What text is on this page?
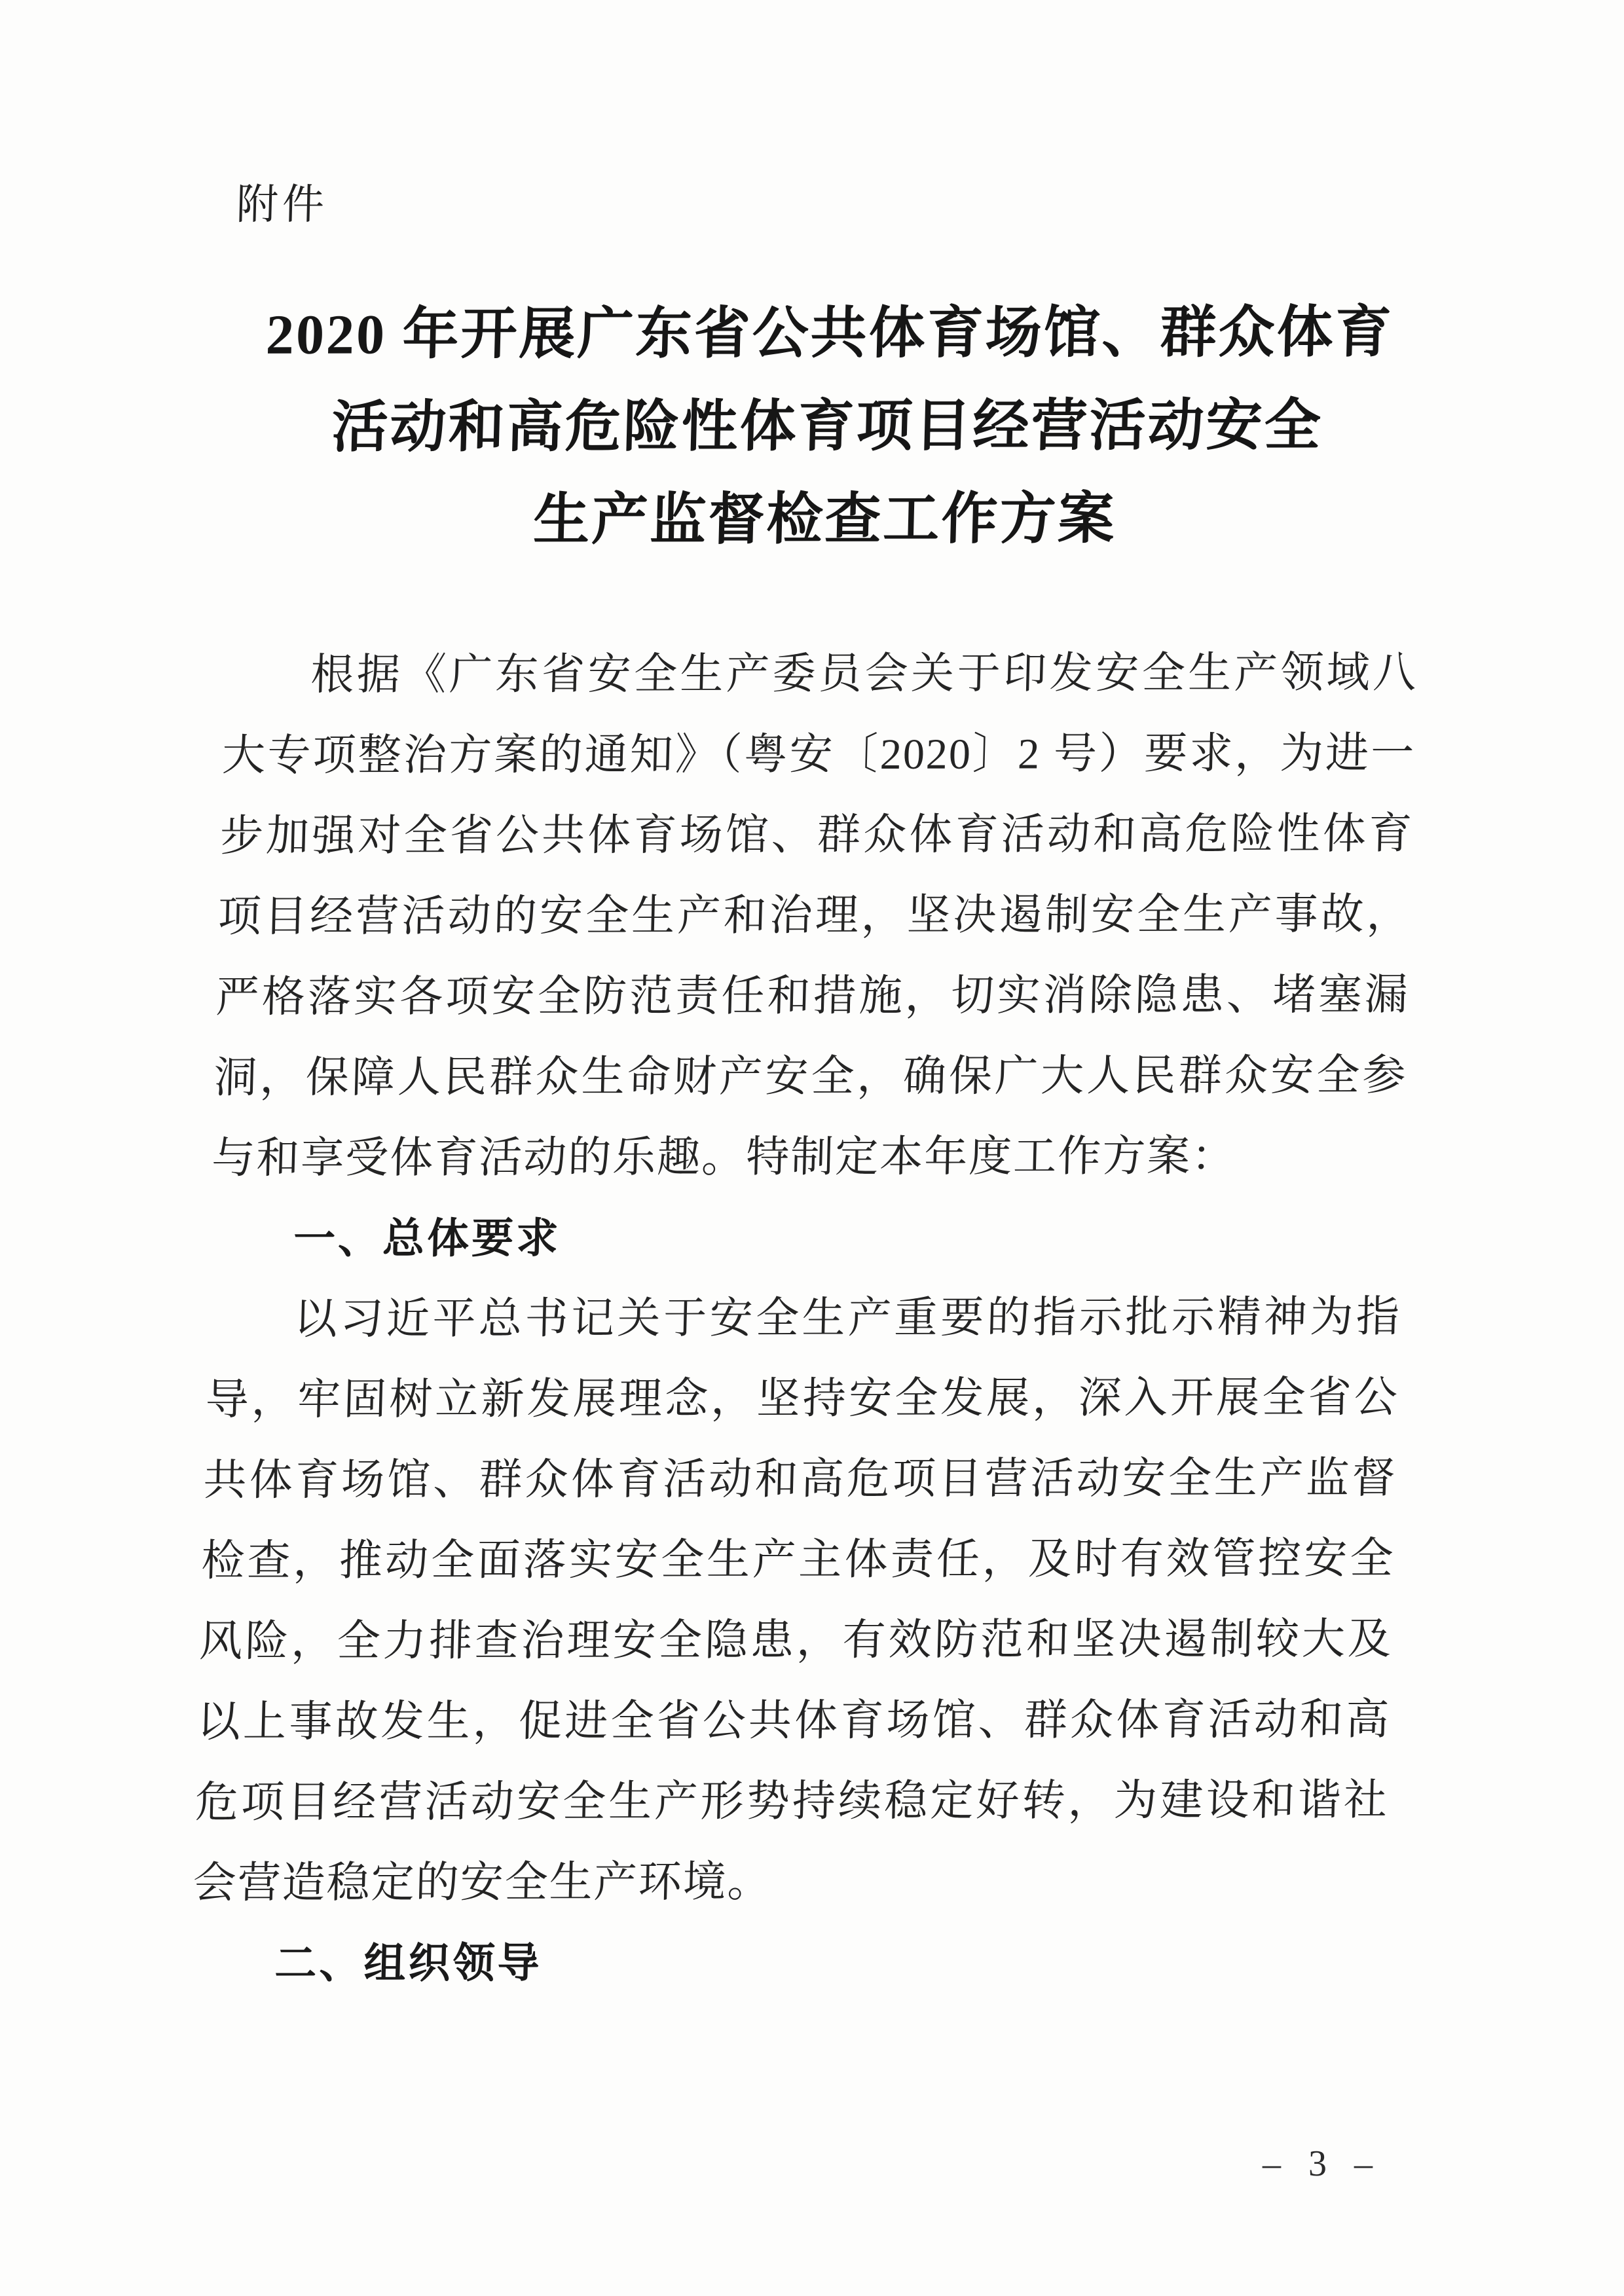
附件
2020 年开展广东省公共体育场馆、群众体育
活动和高危险性体育项目经营活动安全
生产监督检查工作方案

根据《广东省安全生产委员会关于印发安全生产领域八大专项整治方案的通知》（粤安〔2020〕2 号）要求，为进一步加强对全省公共体育场馆、群众体育活动和高危险性体育项目经营活动的安全生产和治理，坚决遏制安全生产事故，严格落实各项安全防范责任和措施，切实消除隐患、堵塞漏洞，保障人民群众生命财产安全，确保广大人民群众安全参与和享受体育活动的乐趣。特制定本年度工作方案：

一、总体要求

以习近平总书记关于安全生产重要的指示批示精神为指导，牢固树立新发展理念，坚持安全发展，深入开展全省公共体育场馆、群众体育活动和高危项目营活动安全生产监督检查，推动全面落实安全生产主体责任，及时有效管控安全风险，全力排查治理安全隐患，有效防范和坚决遏制较大及以上事故发生，促进全省公共体育场馆、群众体育活动和高危项目经营活动安全生产形势持续稳定好转，为建设和谐社会营造稳定的安全生产环境。

二、组织领导

– 3 –
